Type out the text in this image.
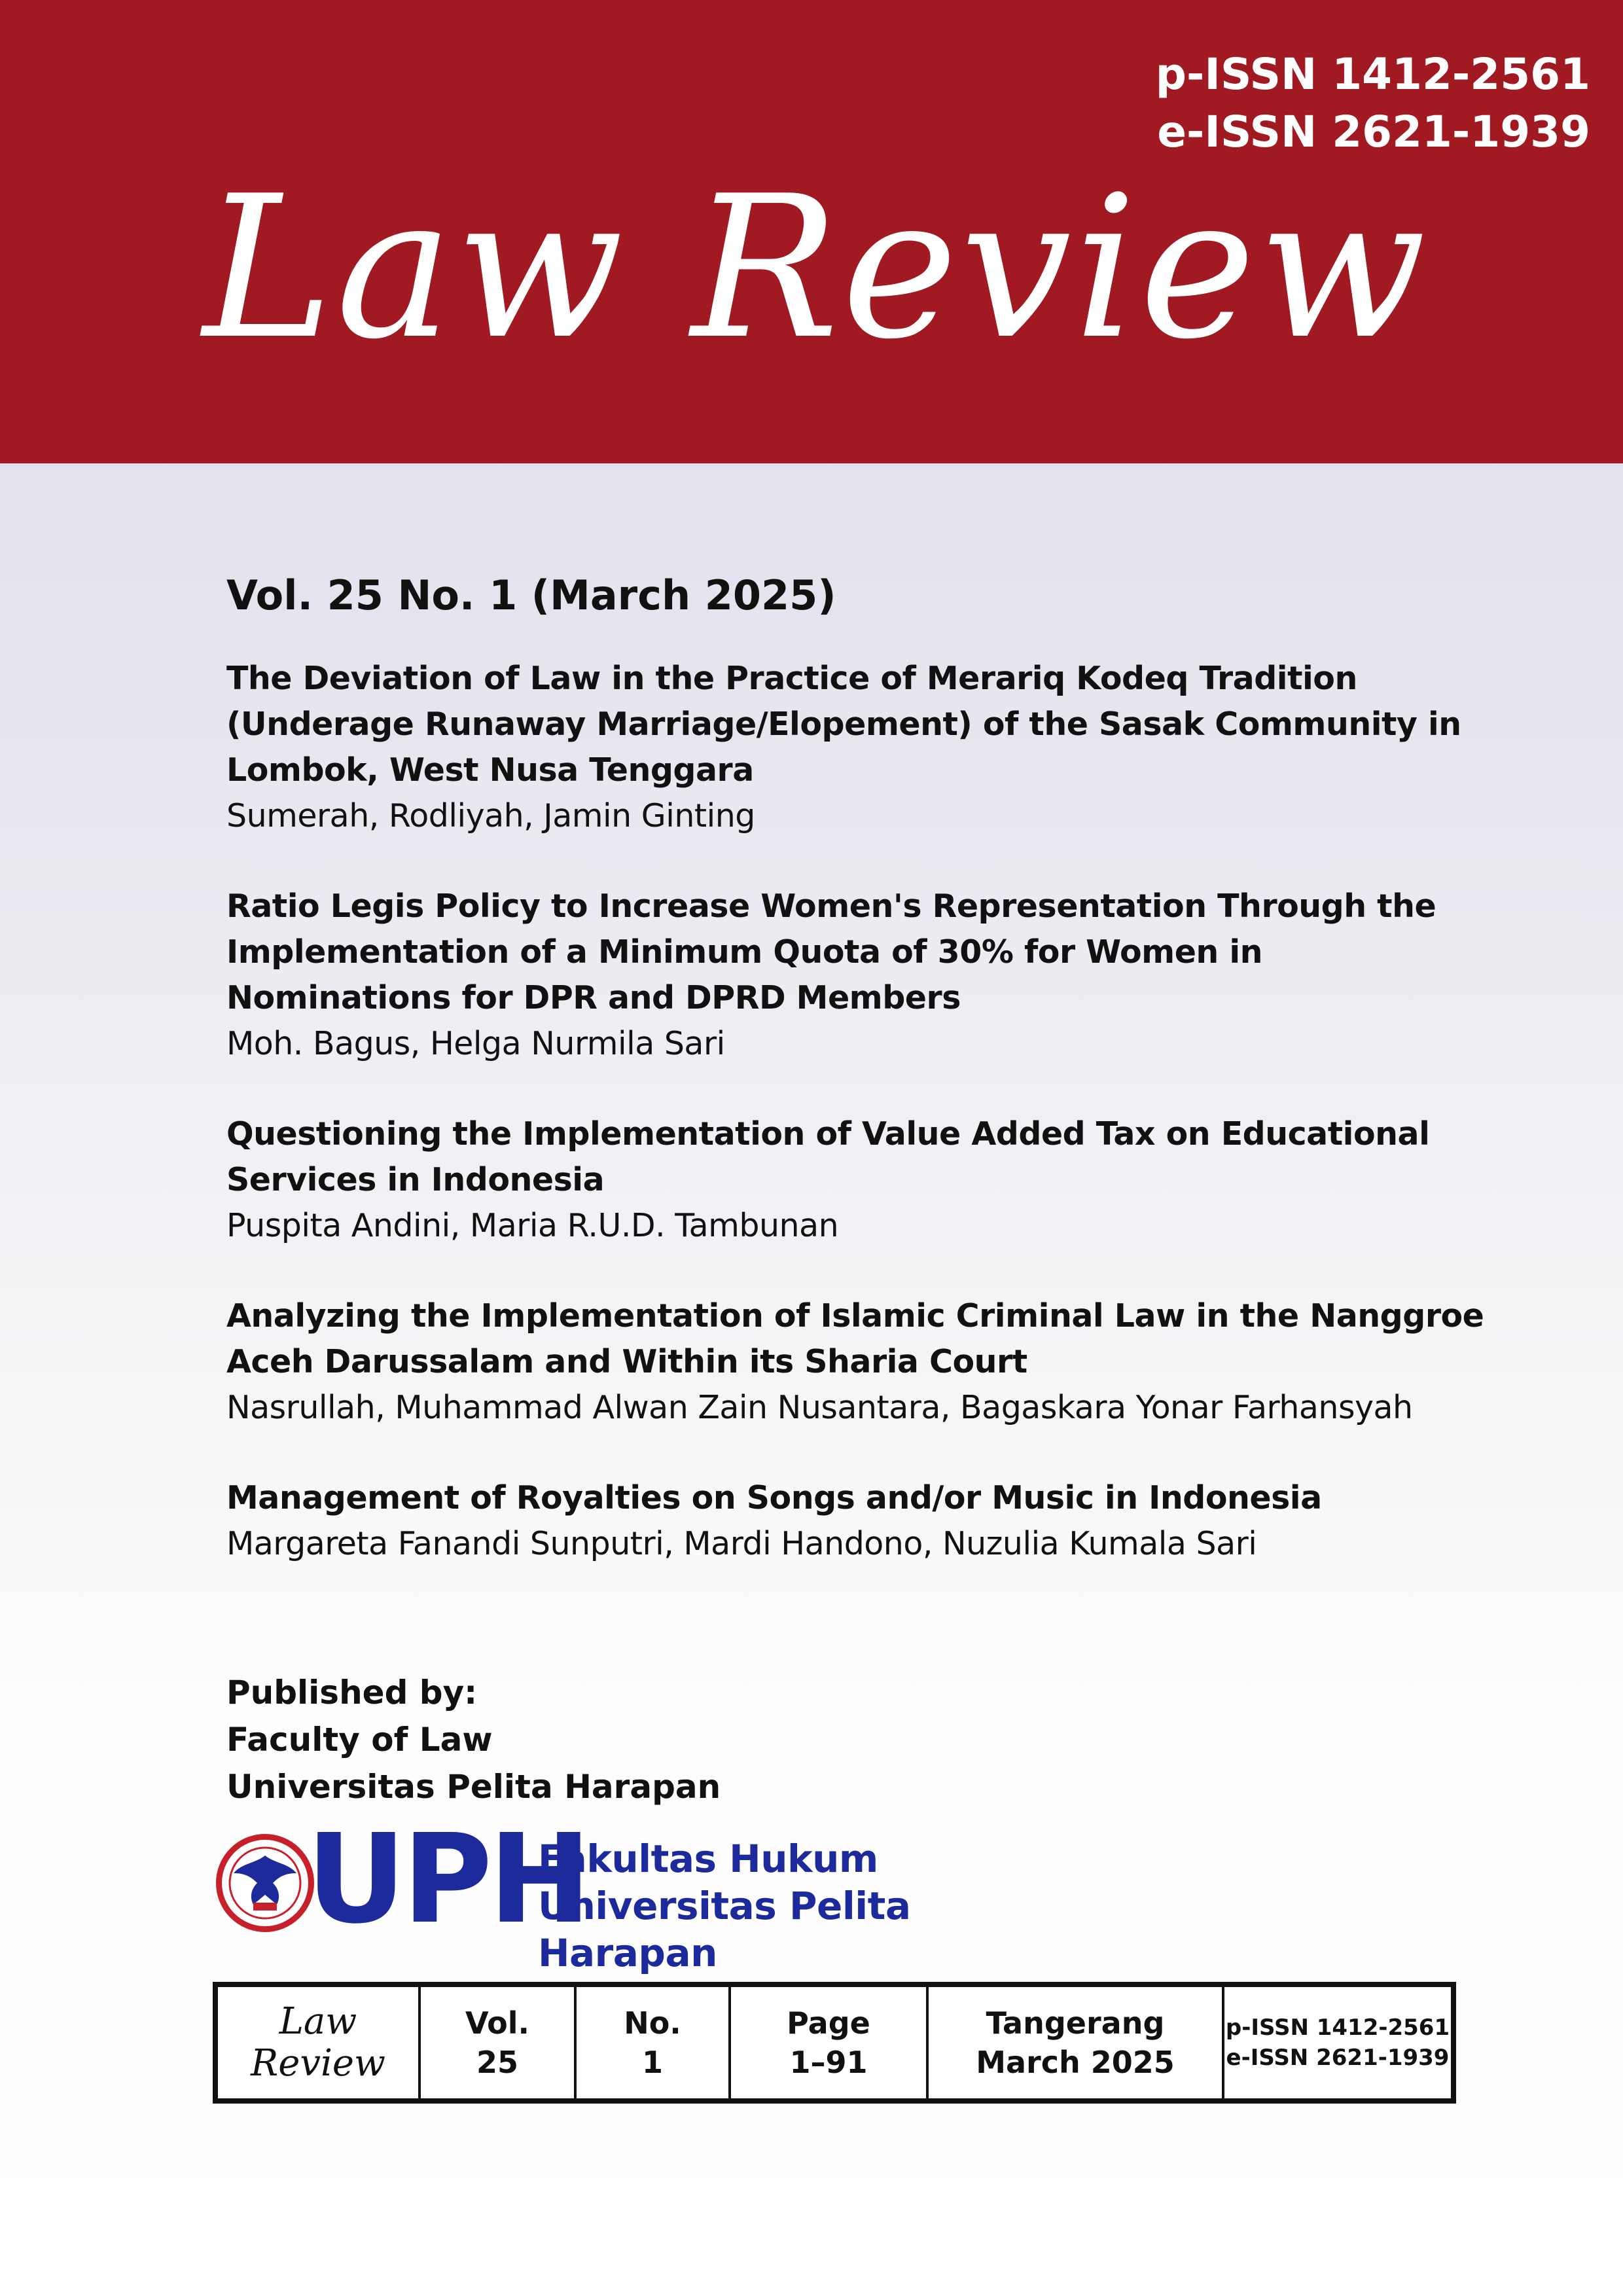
p-ISSN 1412-2561
e-ISSN 2621-1939
Law Review
Vol. 25 No. 1 (March 2025)
The Deviation of Law in the Practice of Merariq Kodeq Tradition
(Underage Runaway Marriage/Elopement) of the Sasak Community in
Lombok, West Nusa Tenggara
Sumerah, Rodliyah, Jamin Ginting
Ratio Legis Policy to Increase Women's Representation Through the
Implementation of a Minimum Quota of 30% for Women in
Nominations for DPR and DPRD Members
Moh. Bagus, Helga Nurmila Sari
Questioning the Implementation of Value Added Tax on Educational
Services in Indonesia
Puspita Andini, Maria R.U.D. Tambunan
Analyzing the Implementation of Islamic Criminal Law in the Nanggroe
Aceh Darussalam and Within its Sharia Court
Nasrullah, Muhammad Alwan Zain Nusantara, Bagaskara Yonar Farhansyah
Management of Royalties on Songs and/or Music in Indonesia
Margareta Fanandi Sunputri, Mardi Handono, Nuzulia Kumala Sari
Published by:
Faculty of Law
Universitas Pelita Harapan
UPH
Fakultas Hukum
Universitas Pelita Harapan
Law
Review
Vol.
25
No.
1
Page
1–91
Tangerang
March 2025
p-ISSN 1412-2561
e-ISSN 2621-1939
